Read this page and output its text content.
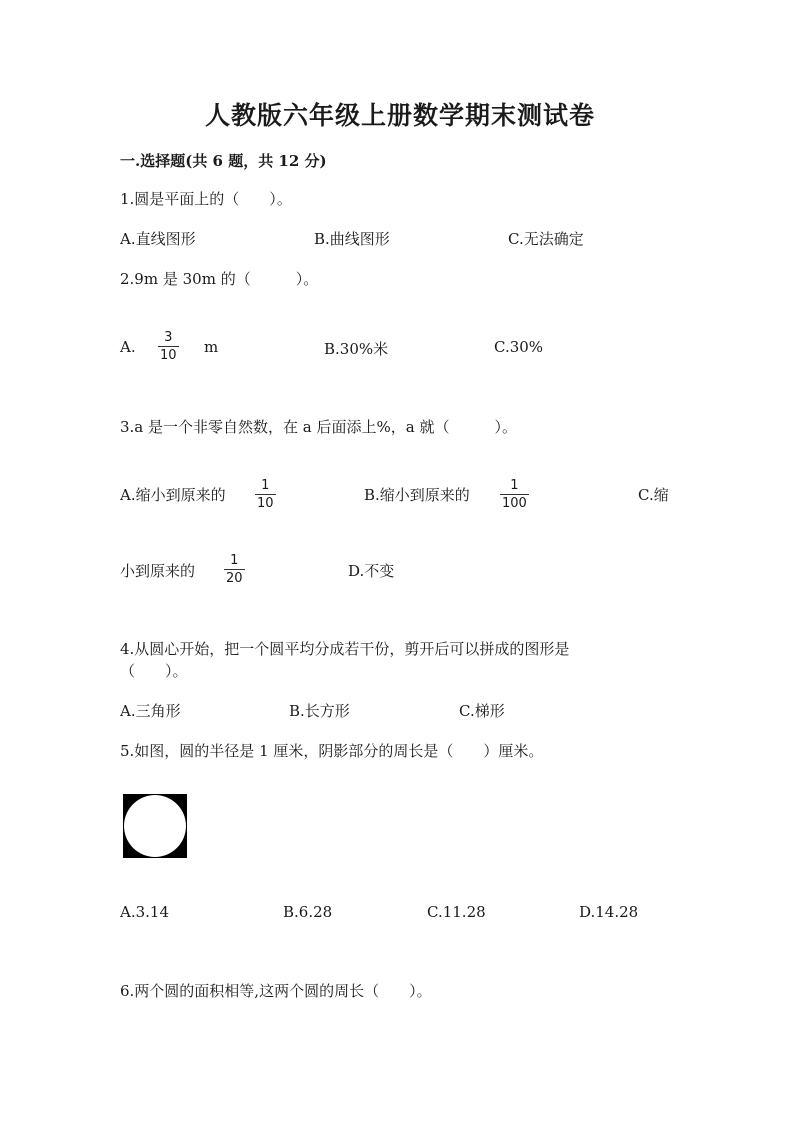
人教版六年级上册数学期末测试卷
一.选择题(共 6 题，共 12 分)
1.圆是平面上的（　　）。
A.直线图形	B.曲线图形	C.无法确定
2.9m 是 30m 的（　　　）。
A.
3
10 m	B.30%米	C.30%
3.a 是一个非零自然数，在 a 后面添上%，a 就（　　　）。
A.缩小到原来的
1
10	B.缩小到原来的
1
100	C.缩
小到原来的
1
20	D.不变
4.从圆心开始，把一个圆平均分成若干份，剪开后可以拼成的图形是
（　　）。
A.三角形	B.长方形	C.梯形
5.如图，圆的半径是 1 厘米，阴影部分的周长是（　　）厘米。
A.3.14	B.6.28	C.11.28	D.14.28
6.两个圆的面积相等,这两个圆的周长（　　）。
